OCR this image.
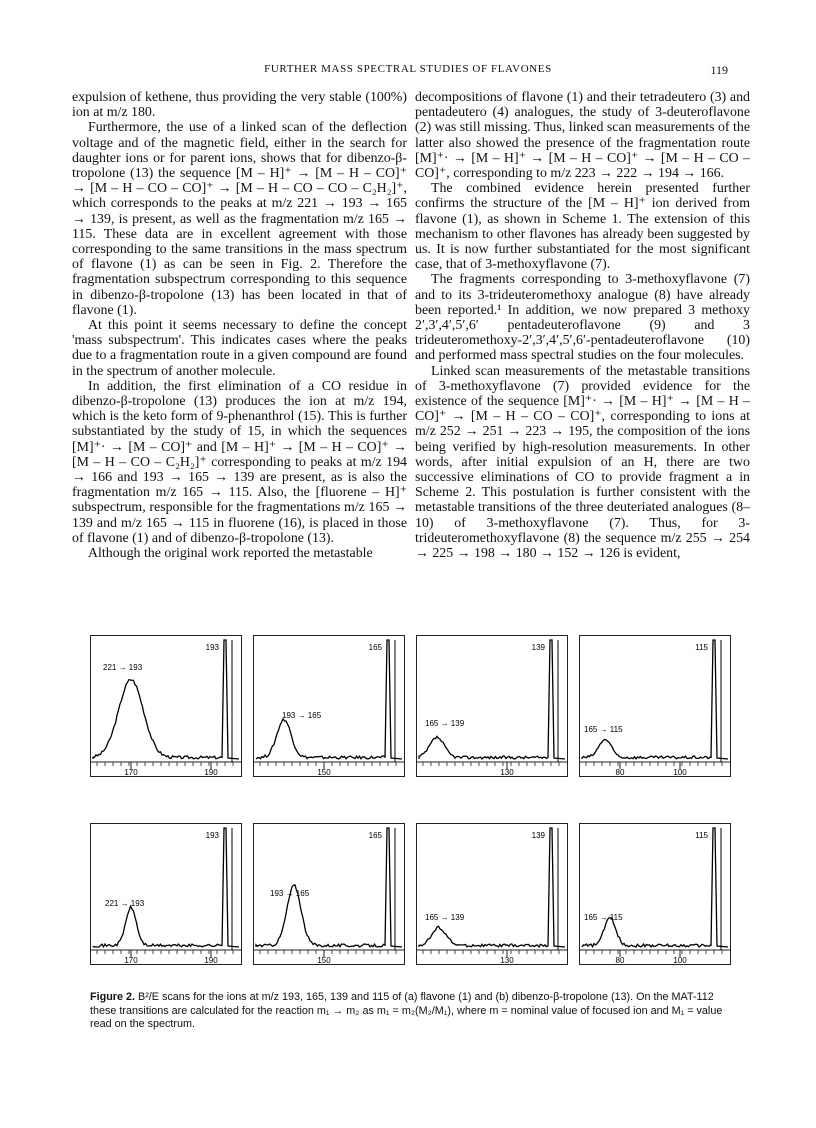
FURTHER MASS SPECTRAL STUDIES OF FLAVONES	119

expulsion of kethene, thus providing the very stable (100%) ion at m/z 180.

Furthermore, the use of a linked scan of the deflection voltage and of the magnetic field, either in the search for daughter ions or for parent ions, shows that for dibenzo-β-tropolone (13) the sequence [M – H]⁺ → [M – H – CO]⁺ → [M – H – CO – CO]⁺ → [M – H – CO – CO – C₂H₂]⁺, which corresponds to the peaks at m/z 221 → 193 → 165 → 139, is present, as well as the fragmentation m/z 165 → 115. These data are in excellent agreement with those corresponding to the same transitions in the mass spectrum of flavone (1) as can be seen in Fig. 2. Therefore the fragmentation subspectrum corresponding to this sequence in dibenzo-β-tropolone (13) has been located in that of flavone (1).

At this point it seems necessary to define the concept 'mass subspectrum'. This indicates cases where the peaks due to a fragmentation route in a given compound are found in the spectrum of another molecule.

In addition, the first elimination of a CO residue in dibenzo-β-tropolone (13) produces the ion at m/z 194, which is the keto form of 9-phenanthrol (15). This is further substantiated by the study of 15, in which the sequences [M]⁺· → [M – CO]⁺ and [M – H]⁺ → [M – H – CO]⁺ → [M – H – CO – C₂H₂]⁺ corresponding to peaks at m/z 194 → 166 and 193 → 165 → 139 are present, as is also the fragmentation m/z 165 → 115. Also, the [fluorene – H]⁺ subspectrum, responsible for the fragmentations m/z 165 → 139 and m/z 165 → 115 in fluorene (16), is placed in those of flavone (1) and of dibenzo-β-tropolone (13).

Although the original work reported the metastable

decompositions of flavone (1) and their tetradeutero (3) and pentadeutero (4) analogues, the study of 3-deuteroflavone (2) was still missing. Thus, linked scan measurements of the latter also showed the presence of the fragmentation route [M]⁺· → [M – H]⁺ → [M – H – CO]⁺ → [M – H – CO – CO]⁺, corresponding to m/z 223 → 222 → 194 → 166.

The combined evidence herein presented further confirms the structure of the [M – H]⁺ ion derived from flavone (1), as shown in Scheme 1. The extension of this mechanism to other flavones has already been suggested by us. It is now further substantiated for the most significant case, that of 3-methoxyflavone (7).

The fragments corresponding to 3-methoxyflavone (7) and to its 3-trideuteromethoxy analogue (8) have already been reported.¹ In addition, we now prepared 3 methoxy 2′,3′,4′,5′,6′ pentadeuteroflavone (9) and 3 trideuteromethoxy-2′,3′,4′,5′,6′-pentadeuteroflavone (10) and performed mass spectral studies on the four molecules.

Linked scan measurements of the metastable transitions of 3-methoxyflavone (7) provided evidence for the existence of the sequence [M]⁺· → [M – H]⁺ → [M – H – CO]⁺ → [M – H – CO – CO]⁺, corresponding to ions at m/z 252 → 251 → 223 → 195, the composition of the ions being verified by high-resolution measurements. In other words, after initial expulsion of an H, there are two successive eliminations of CO to provide fragment a in Scheme 2. This postulation is further consistent with the metastable transitions of the three deuteriated analogues (8–10) of 3-methoxyflavone (7). Thus, for 3-trideuteromethoxyflavone (8) the sequence m/z 255 → 254 → 225 → 198 → 180 → 152 → 126 is evident,

193
221 → 193
170	190
165
193 → 165
150
139
165 → 139
130
115
165 → 115
80	100
193
221 → 193
170	190
165
193 → 165
150
139
165 → 139
130
115
165 → 115
80	100
Figure 2. B²/E scans for the ions at m/z 193, 165, 139 and 115 of (a) flavone (1) and (b) dibenzo-β-tropolone (13). On the MAT-112 these transitions are calculated for the reaction m₁ → m₂ as m₁ = m₂(M₂/M₁), where m = nominal value of focused ion and M₁ = value read on the spectrum.
